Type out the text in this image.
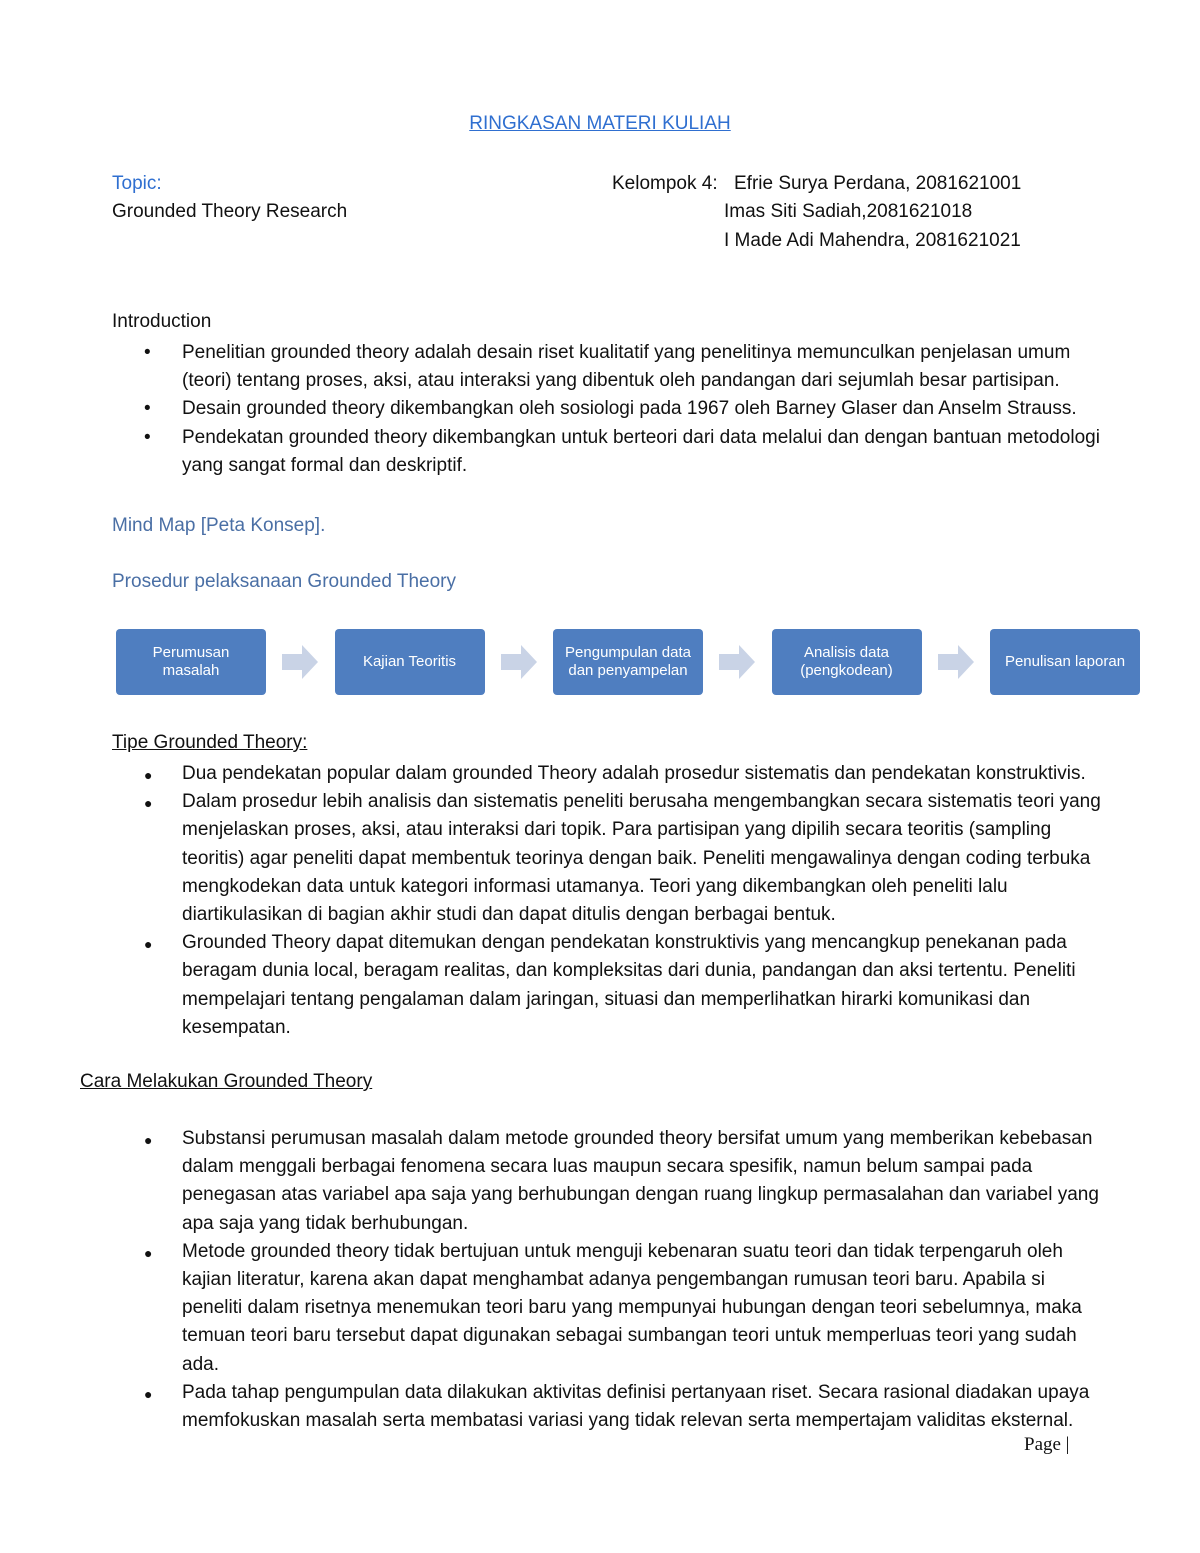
RINGKASAN MATERI KULIAH
Topic:
Grounded Theory Research
Kelompok 4: Efrie Surya Perdana, 2081621001
Imas Siti Sadiah,2081621018
I Made Adi Mahendra, 2081621021
Introduction
• Penelitian grounded theory adalah desain riset kualitatif yang penelitinya memunculkan penjelasan umum
(teori) tentang proses, aksi, atau interaksi yang dibentuk oleh pandangan dari sejumlah besar partisipan.
• Desain grounded theory dikembangkan oleh sosiologi pada 1967 oleh Barney Glaser dan Anselm Strauss.
• Pendekatan grounded theory dikembangkan untuk berteori dari data melalui dan dengan bantuan metodologi
yang sangat formal dan deskriptif.
Mind Map [Peta Konsep].
Prosedur pelaksanaan Grounded Theory
Perumusan
masalah
Kajian Teoritis
Pengumpulan data
dan penyampelan
Analisis data
(pengkodean)
Penulisan laporan
Tipe Grounded Theory:
● Dua pendekatan popular dalam grounded Theory adalah prosedur sistematis dan pendekatan konstruktivis.
● Dalam prosedur lebih analisis dan sistematis peneliti berusaha mengembangkan secara sistematis teori yang
menjelaskan proses, aksi, atau interaksi dari topik. Para partisipan yang dipilih secara teoritis (sampling
teoritis) agar peneliti dapat membentuk teorinya dengan baik. Peneliti mengawalinya dengan coding terbuka
mengkodekan data untuk kategori informasi utamanya. Teori yang dikembangkan oleh peneliti lalu
diartikulasikan di bagian akhir studi dan dapat ditulis dengan berbagai bentuk.
● Grounded Theory dapat ditemukan dengan pendekatan konstruktivis yang mencangkup penekanan pada
beragam dunia local, beragam realitas, dan kompleksitas dari dunia, pandangan dan aksi tertentu. Peneliti
mempelajari tentang pengalaman dalam jaringan, situasi dan memperlihatkan hirarki komunikasi dan
kesempatan.
Cara Melakukan Grounded Theory
● Substansi perumusan masalah dalam metode grounded theory bersifat umum yang memberikan kebebasan
dalam menggali berbagai fenomena secara luas maupun secara spesifik, namun belum sampai pada
penegasan atas variabel apa saja yang berhubungan dengan ruang lingkup permasalahan dan variabel yang
apa saja yang tidak berhubungan.
● Metode grounded theory tidak bertujuan untuk menguji kebenaran suatu teori dan tidak terpengaruh oleh
kajian literatur, karena akan dapat menghambat adanya pengembangan rumusan teori baru. Apabila si
peneliti dalam risetnya menemukan teori baru yang mempunyai hubungan dengan teori sebelumnya, maka
temuan teori baru tersebut dapat digunakan sebagai sumbangan teori untuk memperluas teori yang sudah
ada.
● Pada tahap pengumpulan data dilakukan aktivitas definisi pertanyaan riset. Secara rasional diadakan upaya
memfokuskan masalah serta membatasi variasi yang tidak relevan serta mempertajam validitas eksternal.
Page |
